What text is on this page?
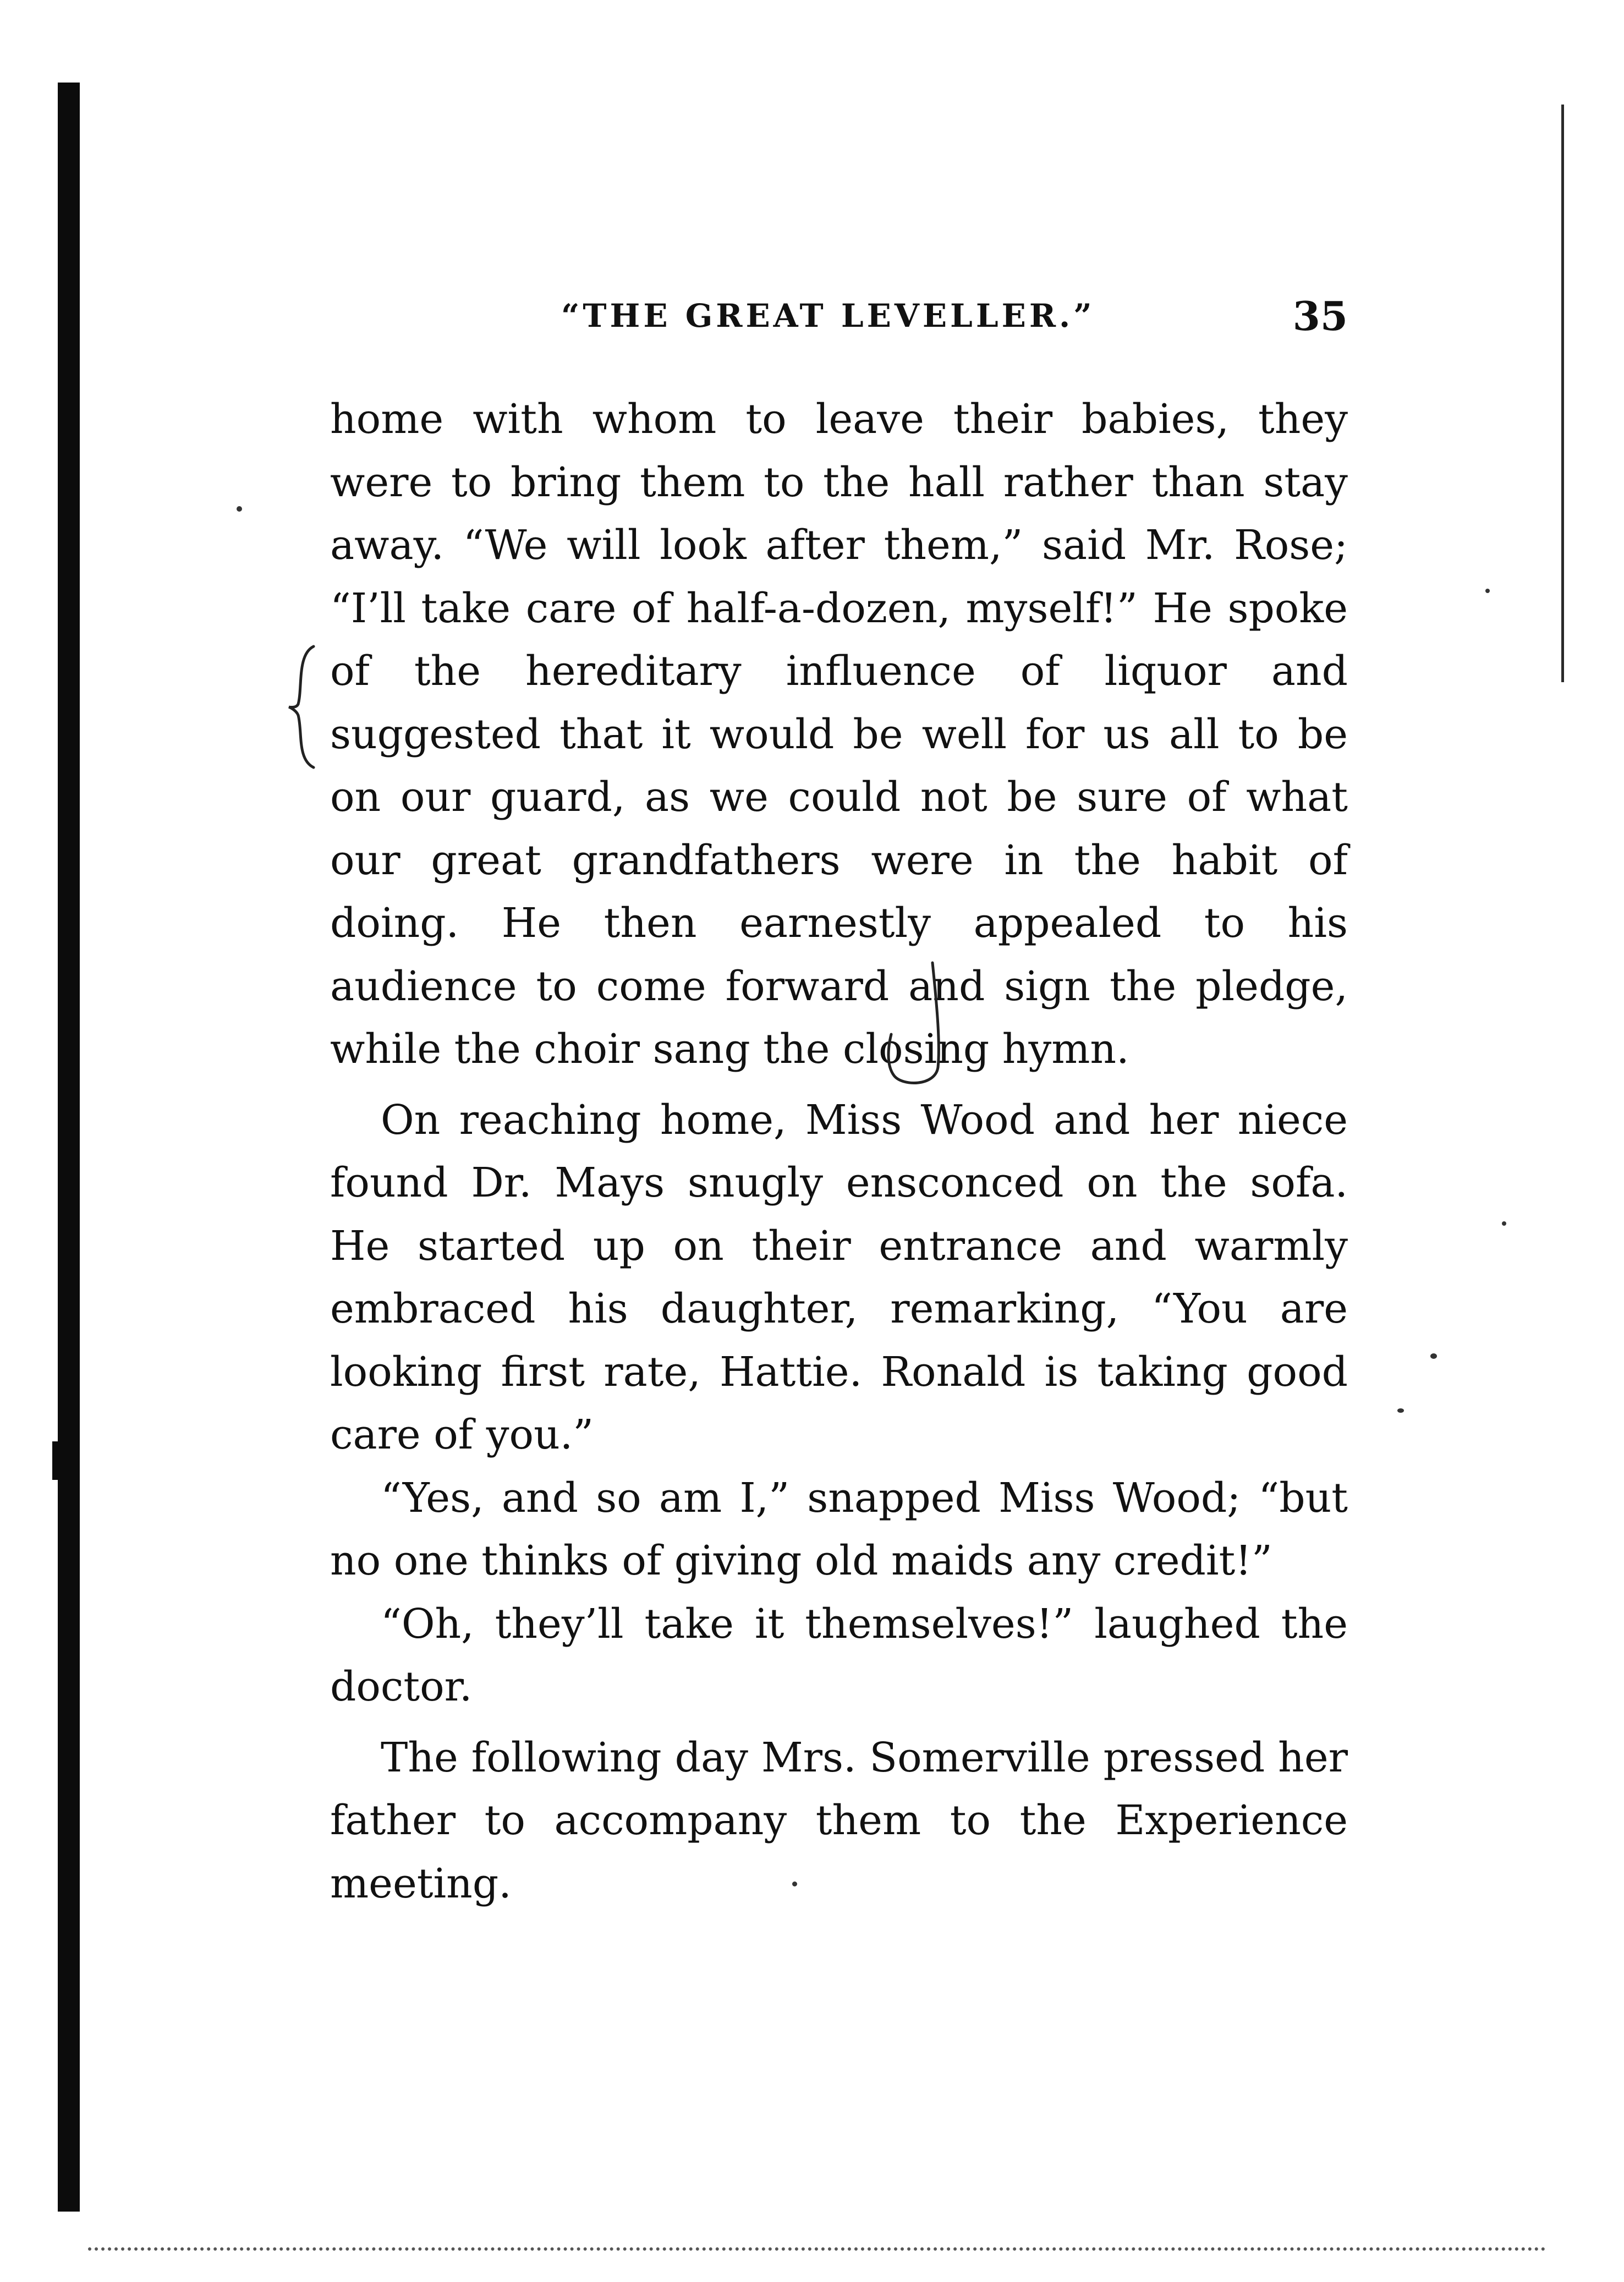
“THE GREAT LEVELLER.”	35

home with whom to leave their babies, they were to bring them to the hall rather than stay away. “We will look after them,” said Mr. Rose; “I’ll take care of half-a-dozen, myself!” He spoke of the hereditary influence of liquor and suggested that it would be well for us all to be on our guard, as we could not be sure of what our great grandfathers were in the habit of doing. He then earnestly appealed to his audience to come forward and sign the pledge, while the choir sang the closing hymn.

On reaching home, Miss Wood and her niece found Dr. Mays snugly ensconced on the sofa. He started up on their entrance and warmly embraced his daughter, remarking, “You are looking first rate, Hattie. Ronald is taking good care of you.”

“Yes, and so am I,” snapped Miss Wood; “but no one thinks of giving old maids any credit!”

“Oh, they’ll take it themselves!” laughed the doctor.

The following day Mrs. Somerville pressed her father to accompany them to the Experience meeting.
